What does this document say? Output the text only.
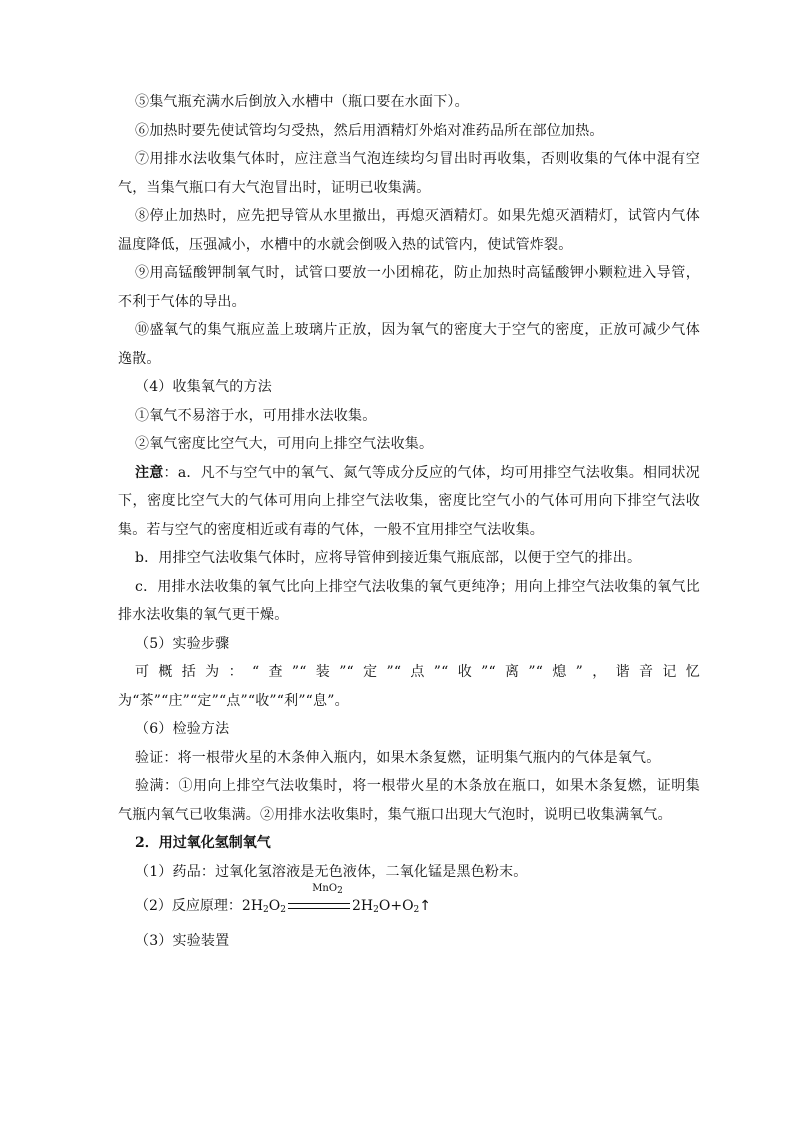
⑤集气瓶充满水后倒放入水槽中（瓶口要在水面下）。

⑥加热时要先使试管均匀受热，然后用酒精灯外焰对准药品所在部位加热。

⑦用排水法收集气体时，应注意当气泡连续均匀冒出时再收集，否则收集的气体中混有空气，当集气瓶口有大气泡冒出时，证明已收集满。

⑧停止加热时，应先把导管从水里撤出，再熄灭酒精灯。如果先熄灭酒精灯，试管内气体温度降低，压强减小，水槽中的水就会倒吸入热的试管内，使试管炸裂。

⑨用高锰酸钾制氧气时，试管口要放一小团棉花，防止加热时高锰酸钾小颗粒进入导管，不利于气体的导出。

⑩盛氧气的集气瓶应盖上玻璃片正放，因为氧气的密度大于空气的密度，正放可减少气体逸散。

（4）收集氧气的方法

①氧气不易溶于水，可用排水法收集。

②氧气密度比空气大，可用向上排空气法收集。

注意：a．凡不与空气中的氧气、氮气等成分反应的气体，均可用排空气法收集。相同状况下，密度比空气大的气体可用向上排空气法收集，密度比空气小的气体可用向下排空气法收集。若与空气的密度相近或有毒的气体，一般不宜用排空气法收集。

b．用排空气法收集气体时，应将导管伸到接近集气瓶底部，以便于空气的排出。

c．用排水法收集的氧气比向上排空气法收集的氧气更纯净；用向上排空气法收集的氧气比排水法收集的氧气更干燥。

（5）实验步骤

可概括为：“查”“装”“定”“点”“收”“离”“熄”，谐音记忆为“茶”“庄”“定”“点”“收”“利”“息”。

（6）检验方法

验证：将一根带火星的木条伸入瓶内，如果木条复燃，证明集气瓶内的气体是氧气。

验满：①用向上排空气法收集时，将一根带火星的木条放在瓶口，如果木条复燃，证明集气瓶内氧气已收集满。②用排水法收集时，集气瓶口出现大气泡时，说明已收集满氧气。

2．用过氧化氢制氧气

（1）药品：过氧化氢溶液是无色液体，二氧化锰是黑色粉末。

（2）反应原理：$2H_2O_2$
MnO$_2$
$2H_2O+O_2↑$

（3）实验装置
